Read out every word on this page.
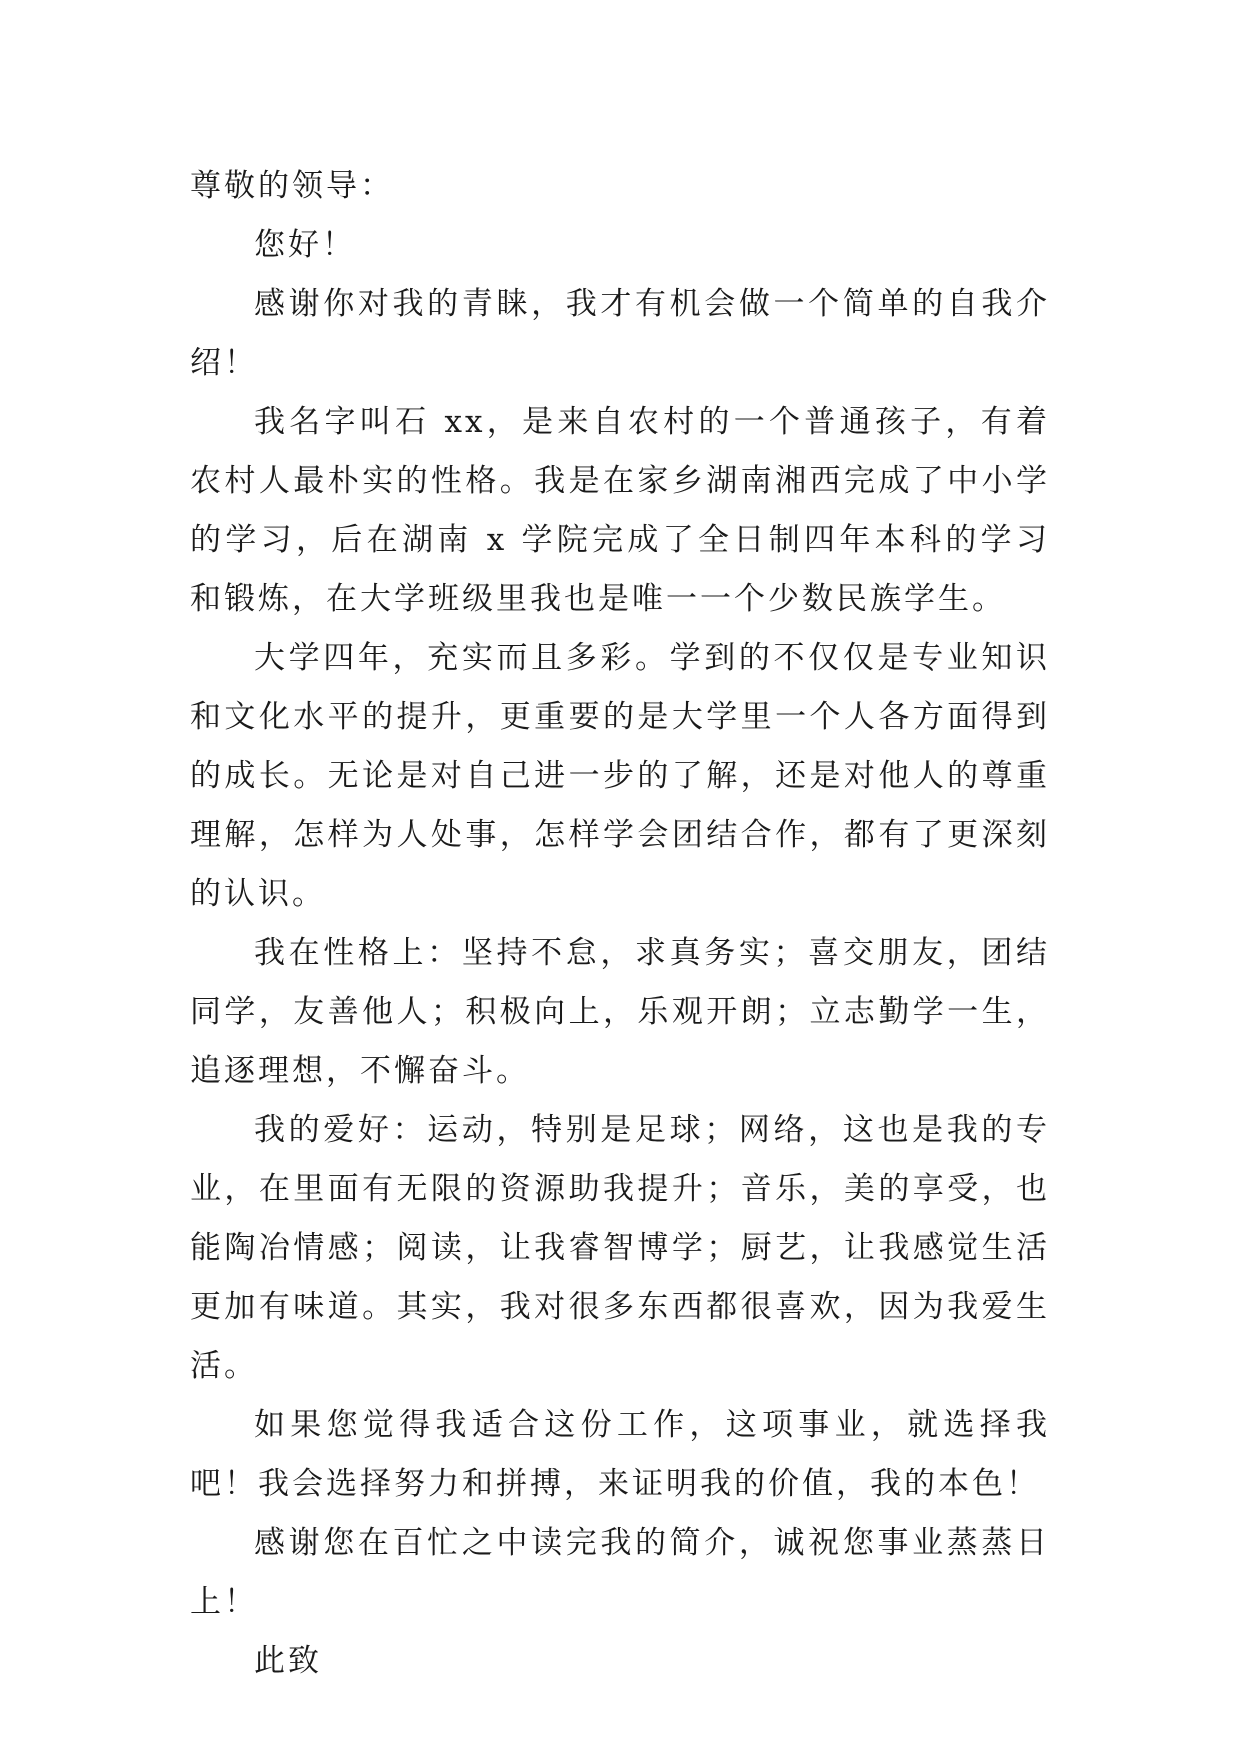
尊敬的领导：

您好！

感谢你对我的青睐，我才有机会做一个简单的自我介绍！

我名字叫石 xx，是来自农村的一个普通孩子，有着农村人最朴实的性格。我是在家乡湖南湘西完成了中小学的学习，后在湖南 x 学院完成了全日制四年本科的学习和锻炼，在大学班级里我也是唯一一个少数民族学生。

大学四年，充实而且多彩。学到的不仅仅是专业知识和文化水平的提升，更重要的是大学里一个人各方面得到的成长。无论是对自己进一步的了解，还是对他人的尊重理解，怎样为人处事，怎样学会团结合作，都有了更深刻的认识。

我在性格上：坚持不怠，求真务实；喜交朋友，团结同学，友善他人；积极向上，乐观开朗；立志勤学一生，追逐理想，不懈奋斗。

我的爱好：运动，特别是足球；网络，这也是我的专业，在里面有无限的资源助我提升；音乐，美的享受，也能陶冶情感；阅读，让我睿智博学；厨艺，让我感觉生活更加有味道。其实，我对很多东西都很喜欢，因为我爱生活。

如果您觉得我适合这份工作，这项事业，就选择我吧！我会选择努力和拼搏，来证明我的价值，我的本色！

感谢您在百忙之中读完我的简介，诚祝您事业蒸蒸日上！

此致
